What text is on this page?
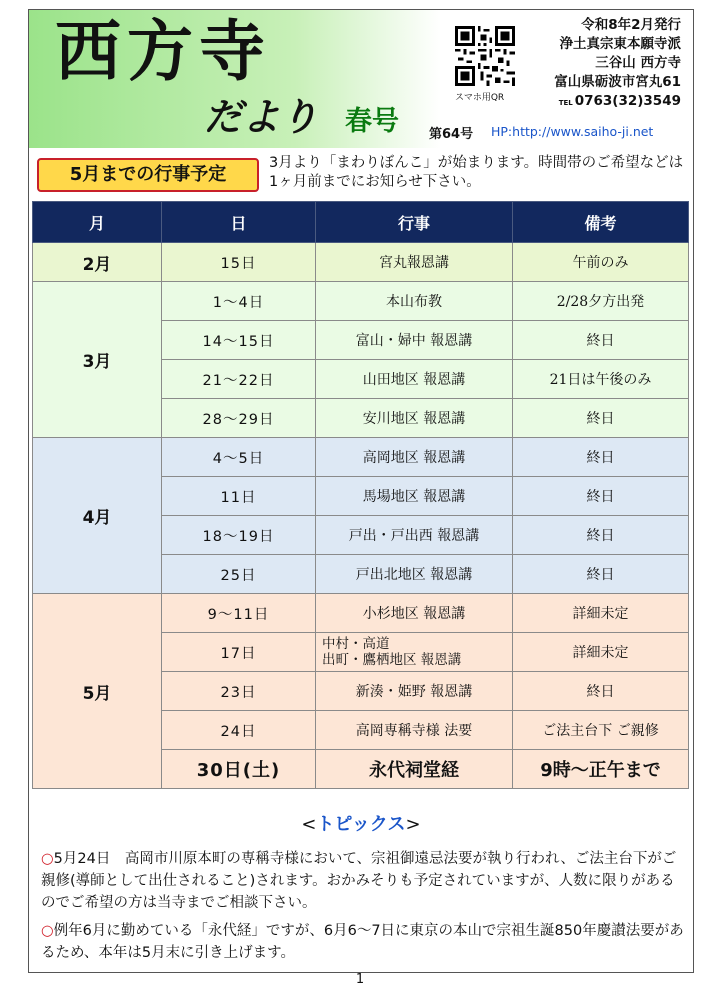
西方寺
だより 春号 第64号 HP:http://www.saiho-ji.net
スマホ用QR
令和8年2月発行
浄土真宗東本願寺派
三谷山 西方寺
富山県砺波市宮丸61
TEL 0763(32)3549
5月までの行事予定
3月より「まわりぼんこ」が始まります。時間帯のご希望などは1ヶ月前までにお知らせ下さい。
月	日	行事	備考
2月	15日	宮丸報恩講	午前のみ
3月	1〜4日	本山布教	2/28夕方出発
	14〜15日	富山・婦中 報恩講	終日
	21〜22日	山田地区 報恩講	21日は午後のみ
	28〜29日	安川地区 報恩講	終日
4月	4〜5日	高岡地区 報恩講	終日
	11日	馬場地区 報恩講	終日
	18〜19日	戸出・戸出西 報恩講	終日
	25日	戸出北地区 報恩講	終日
5月	9〜11日	小杉地区 報恩講	詳細未定
	17日	中村・高道
出町・鷹栖地区 報恩講	詳細未定
	23日	新湊・姫野 報恩講	終日
	24日	高岡専稱寺様 法要	ご法主台下 ご親修
	30日(土)	永代祠堂経	9時〜正午まで
<トピックス>
○5月24日　高岡市川原本町の専稱寺様において、宗祖御遠忌法要が執り行われ、ご法主台下がご親修(導師として出仕されること)されます。おかみそりも予定されていますが、人数に限りがあるのでご希望の方は当寺までご相談下さい。
○例年6月に勤めている「永代経」ですが、6月6〜7日に東京の本山で宗祖生誕850年慶讃法要があるため、本年は5月末に引き上げます。
1
